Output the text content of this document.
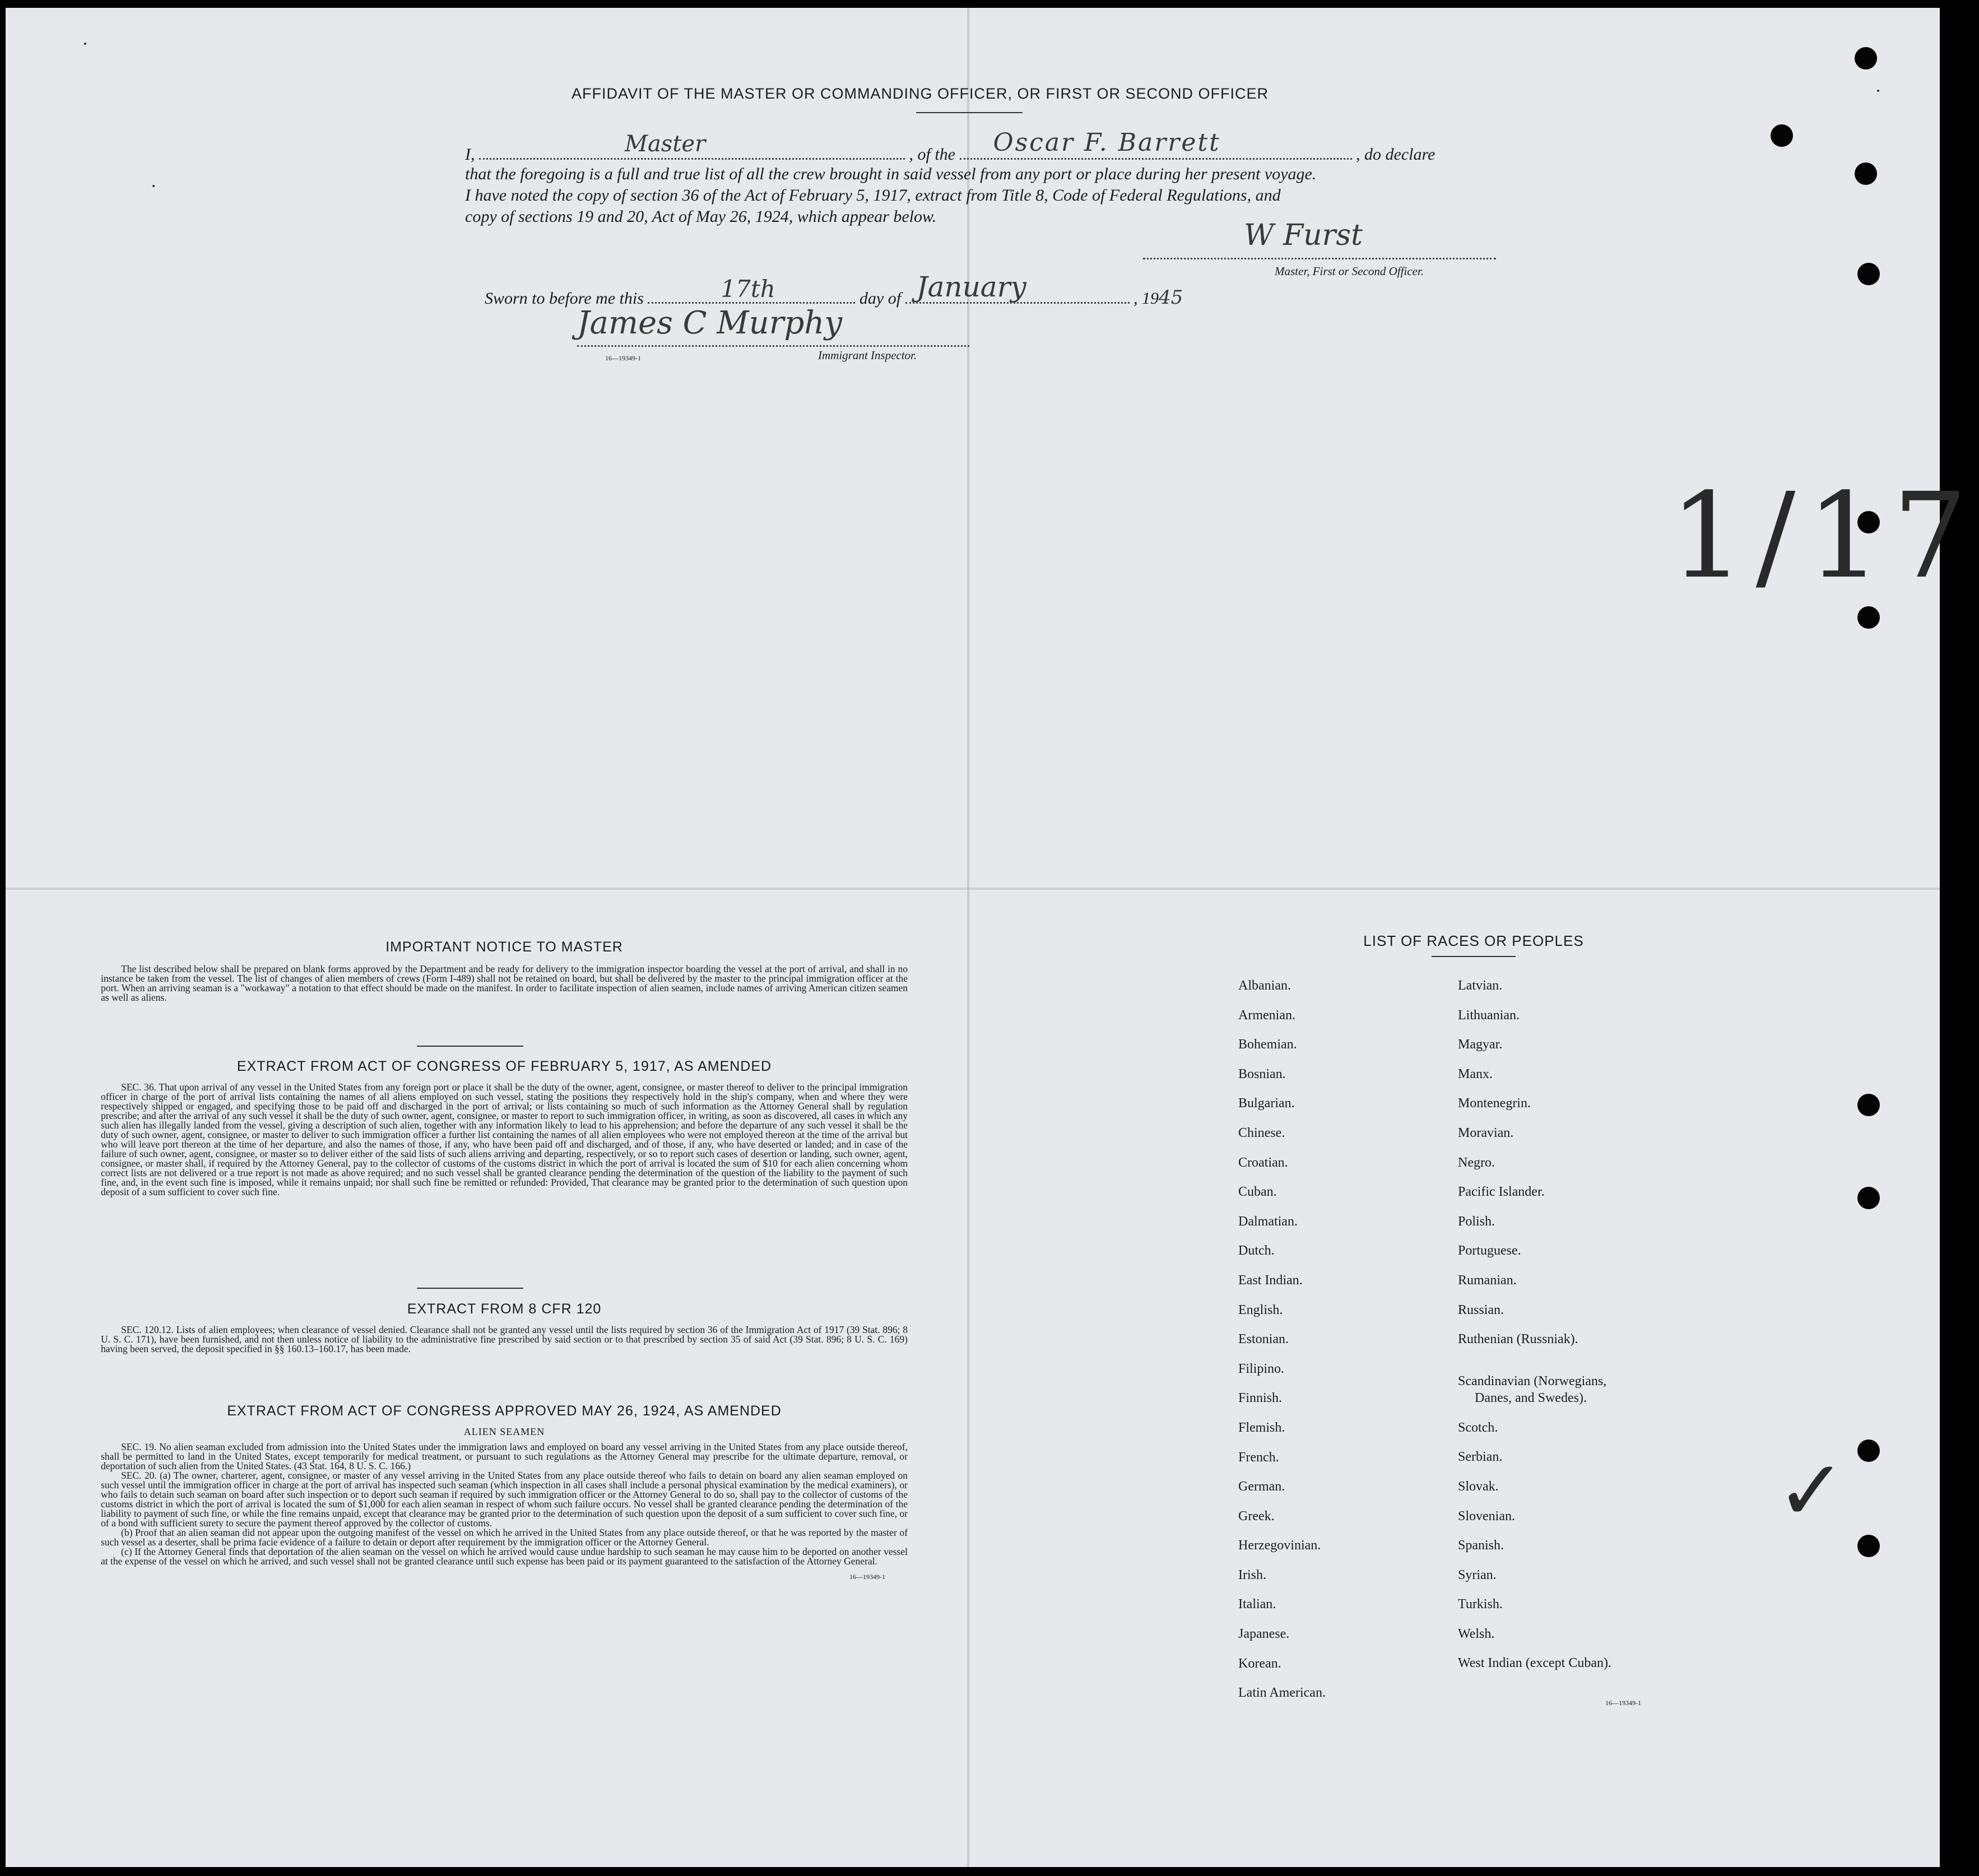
AFFIDAVIT OF THE MASTER OR COMMANDING OFFICER, OR FIRST OR SECOND OFFICER
I,	Master	, of the Oscar F. Barrett	, do declare
that the foregoing is a full and true list of all the crew brought in said vessel from any port or place during her present voyage.
I have noted the copy of section 36 of the Act of February 5, 1917, extract from Title 8, Code of Federal Regulations, and
copy of sections 19 and 20, Act of May 26, 1924, which appear below.
W Furst
Master, First or Second Officer.
Sworn to before me this	17th	day of January	, 1945
James C Murphy
16—19349-1	Immigrant Inspector.
1/17
✓
IMPORTANT NOTICE TO MASTER

The list described below shall be prepared on blank forms approved by the Department and be ready for delivery to the immigration inspector boarding the vessel at the port of arrival, and shall in no instance be taken from the vessel. The list of changes of alien members of crews (Form I-489) shall not be retained on board, but shall be delivered by the master to the principal immigration officer at the port. When an arriving seaman is a "workaway" a notation to that effect should be made on the manifest. In order to facilitate inspection of alien seamen, include names of arriving American citizen seamen as well as aliens.

EXTRACT FROM ACT OF CONGRESS OF FEBRUARY 5, 1917, AS AMENDED

SEC. 36. That upon arrival of any vessel in the United States from any foreign port or place it shall be the duty of the owner, agent, consignee, or master thereof to deliver to the principal immigration officer in charge of the port of arrival lists containing the names of all aliens employed on such vessel, stating the positions they respectively hold in the ship's company, when and where they were respectively shipped or engaged, and specifying those to be paid off and discharged in the port of arrival; or lists containing so much of such information as the Attorney General shall by regulation prescribe; and after the arrival of any such vessel it shall be the duty of such owner, agent, consignee, or master to report to such immigration officer, in writing, as soon as discovered, all cases in which any such alien has illegally landed from the vessel, giving a description of such alien, together with any information likely to lead to his apprehension; and before the departure of any such vessel it shall be the duty of such owner, agent, consignee, or master to deliver to such immigration officer a further list containing the names of all alien employees who were not employed thereon at the time of the arrival but who will leave port thereon at the time of her departure, and also the names of those, if any, who have been paid off and discharged, and of those, if any, who have deserted or landed; and in case of the failure of such owner, agent, consignee, or master so to deliver either of the said lists of such aliens arriving and departing, respectively, or so to report such cases of desertion or landing, such owner, agent, consignee, or master shall, if required by the Attorney General, pay to the collector of customs of the customs district in which the port of arrival is located the sum of $10 for each alien concerning whom correct lists are not delivered or a true report is not made as above required; and no such vessel shall be granted clearance pending the determination of the question of the liability to the payment of such fine, and, in the event such fine is imposed, while it remains unpaid; nor shall such fine be remitted or refunded: Provided, That clearance may be granted prior to the determination of such question upon deposit of a sum sufficient to cover such fine.

EXTRACT FROM 8 CFR 120

SEC. 120.12. Lists of alien employees; when clearance of vessel denied. Clearance shall not be granted any vessel until the lists required by section 36 of the Immigration Act of 1917 (39 Stat. 896; 8 U. S. C. 171), have been furnished, and not then unless notice of liability to the administrative fine prescribed by said section or to that prescribed by section 35 of said Act (39 Stat. 896; 8 U. S. C. 169) having been served, the deposit specified in §§ 160.13–160.17, has been made.

EXTRACT FROM ACT OF CONGRESS APPROVED MAY 26, 1924, AS AMENDED
ALIEN SEAMEN

SEC. 19. No alien seaman excluded from admission into the United States under the immigration laws and employed on board any vessel arriving in the United States from any place outside thereof, shall be permitted to land in the United States, except temporarily for medical treatment, or pursuant to such regulations as the Attorney General may prescribe for the ultimate departure, removal, or deportation of such alien from the United States. (43 Stat. 164, 8 U. S. C. 166.)

SEC. 20. (a) The owner, charterer, agent, consignee, or master of any vessel arriving in the United States from any place outside thereof who fails to detain on board any alien seaman employed on such vessel until the immigration officer in charge at the port of arrival has inspected such seaman (which inspection in all cases shall include a personal physical examination by the medical examiners), or who fails to detain such seaman on board after such inspection or to deport such seaman if required by such immigration officer or the Attorney General to do so, shall pay to the collector of customs of the customs district in which the port of arrival is located the sum of $1,000 for each alien seaman in respect of whom such failure occurs. No vessel shall be granted clearance pending the determination of the liability to payment of such fine, or while the fine remains unpaid, except that clearance may be granted prior to the determination of such question upon the deposit of a sum sufficient to cover such fine, or of a bond with sufficient surety to secure the payment thereof approved by the collector of customs.

(b) Proof that an alien seaman did not appear upon the outgoing manifest of the vessel on which he arrived in the United States from any place outside thereof, or that he was reported by the master of such vessel as a deserter, shall be prima facie evidence of a failure to detain or deport after requirement by the immigration officer or the Attorney General.

(c) If the Attorney General finds that deportation of the alien seaman on the vessel on which he arrived would cause undue hardship to such seaman he may cause him to be deported on another vessel at the expense of the vessel on which he arrived, and such vessel shall not be granted clearance until such expense has been paid or its payment guaranteed to the satisfaction of the Attorney General.

16—19349-1
LIST OF RACES OR PEOPLES
Albanian.
Armenian.
Bohemian.
Bosnian.
Bulgarian.
Chinese.
Croatian.
Cuban.
Dalmatian.
Dutch.
East Indian.
English.
Estonian.
Filipino.
Finnish.
Flemish.
French.
German.
Greek.
Herzegovinian.
Irish.
Italian.
Japanese.
Korean.
Latin American.
Latvian.
Lithuanian.
Magyar.
Manx.
Montenegrin.
Moravian.
Negro.
Pacific Islander.
Polish.
Portuguese.
Rumanian.
Russian.
Ruthenian (Russniak).
Scandinavian (Norwegians,
Danes, and Swedes).
Scotch.
Serbian.
Slovak.
Slovenian.
Spanish.
Syrian.
Turkish.
Welsh.
West Indian (except Cuban).
16—19349-1
